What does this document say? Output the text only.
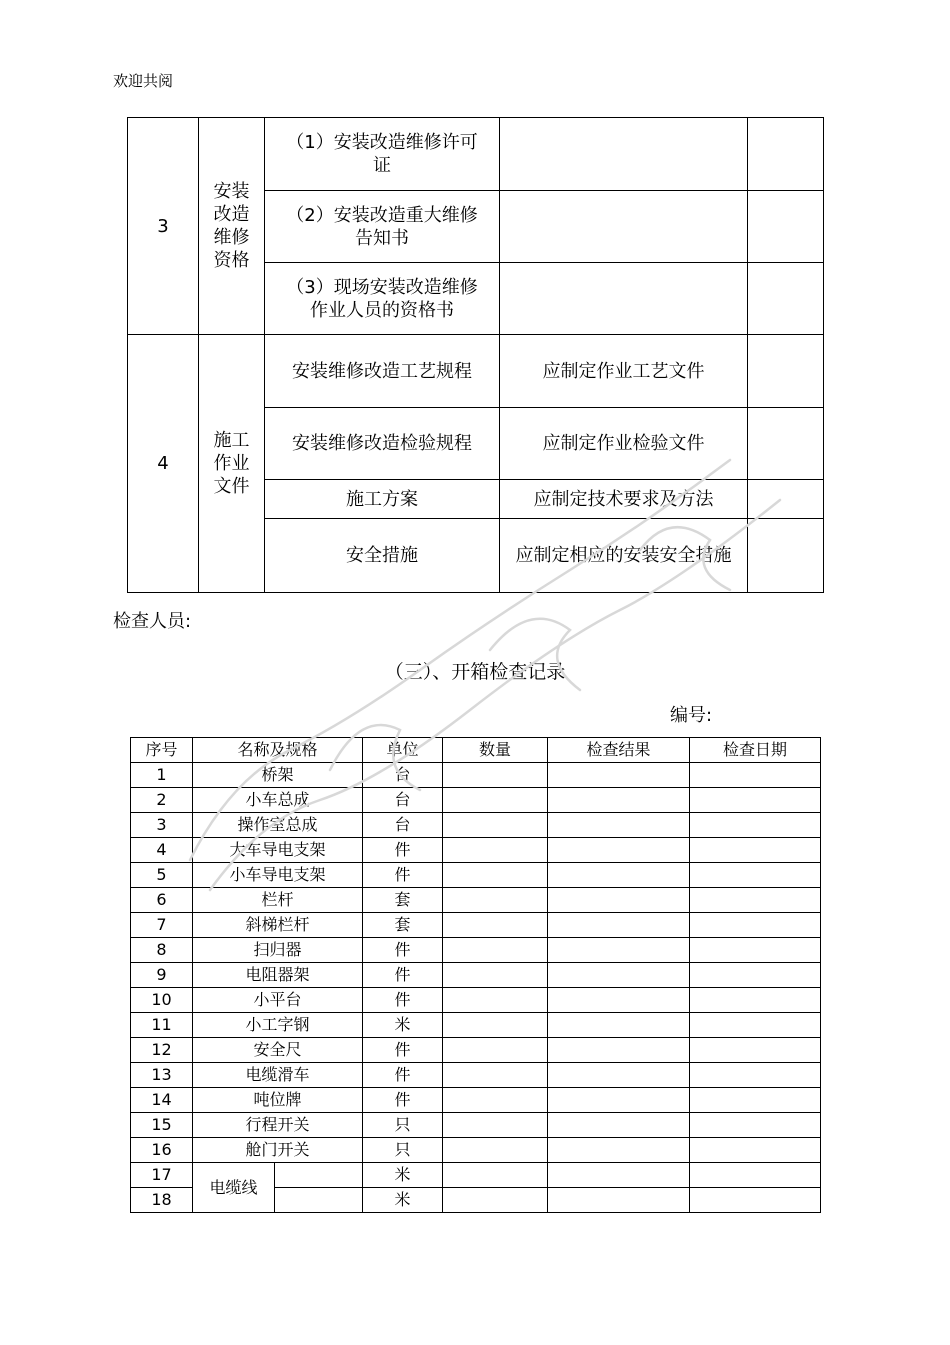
欢迎共阅
3	安装改造维修资格	（1）安装改造维修许可证		
		（2）安装改造重大维修告知书		
		（3）现场安装改造维修作业人员的资格书		
4	施工作业文件	安装维修改造工艺规程	应制定作业工艺文件	
		安装维修改造检验规程	应制定作业检验文件	
		施工方案	应制定技术要求及方法	
		安全措施	应制定相应的安装安全措施	
检查人员:
（三）、开箱检查记录
编号:
序号	名称及规格		单位	数量	检查结果	检查日期
1	桥架		台			
2	小车总成		台			
3	操作室总成		台			
4	大车导电支架		件			
5	小车导电支架		件			
6	栏杆		套			
7	斜梯栏杆		套			
8	扫归器		件			
9	电阻器架		件			
10	小平台		件			
11	小工字钢		米			
12	安全尺		件			
13	电缆滑车		件			
14	吨位牌		件			
15	行程开关		只			
16	舱门开关		只			
17	电缆线		米			
18			米			
